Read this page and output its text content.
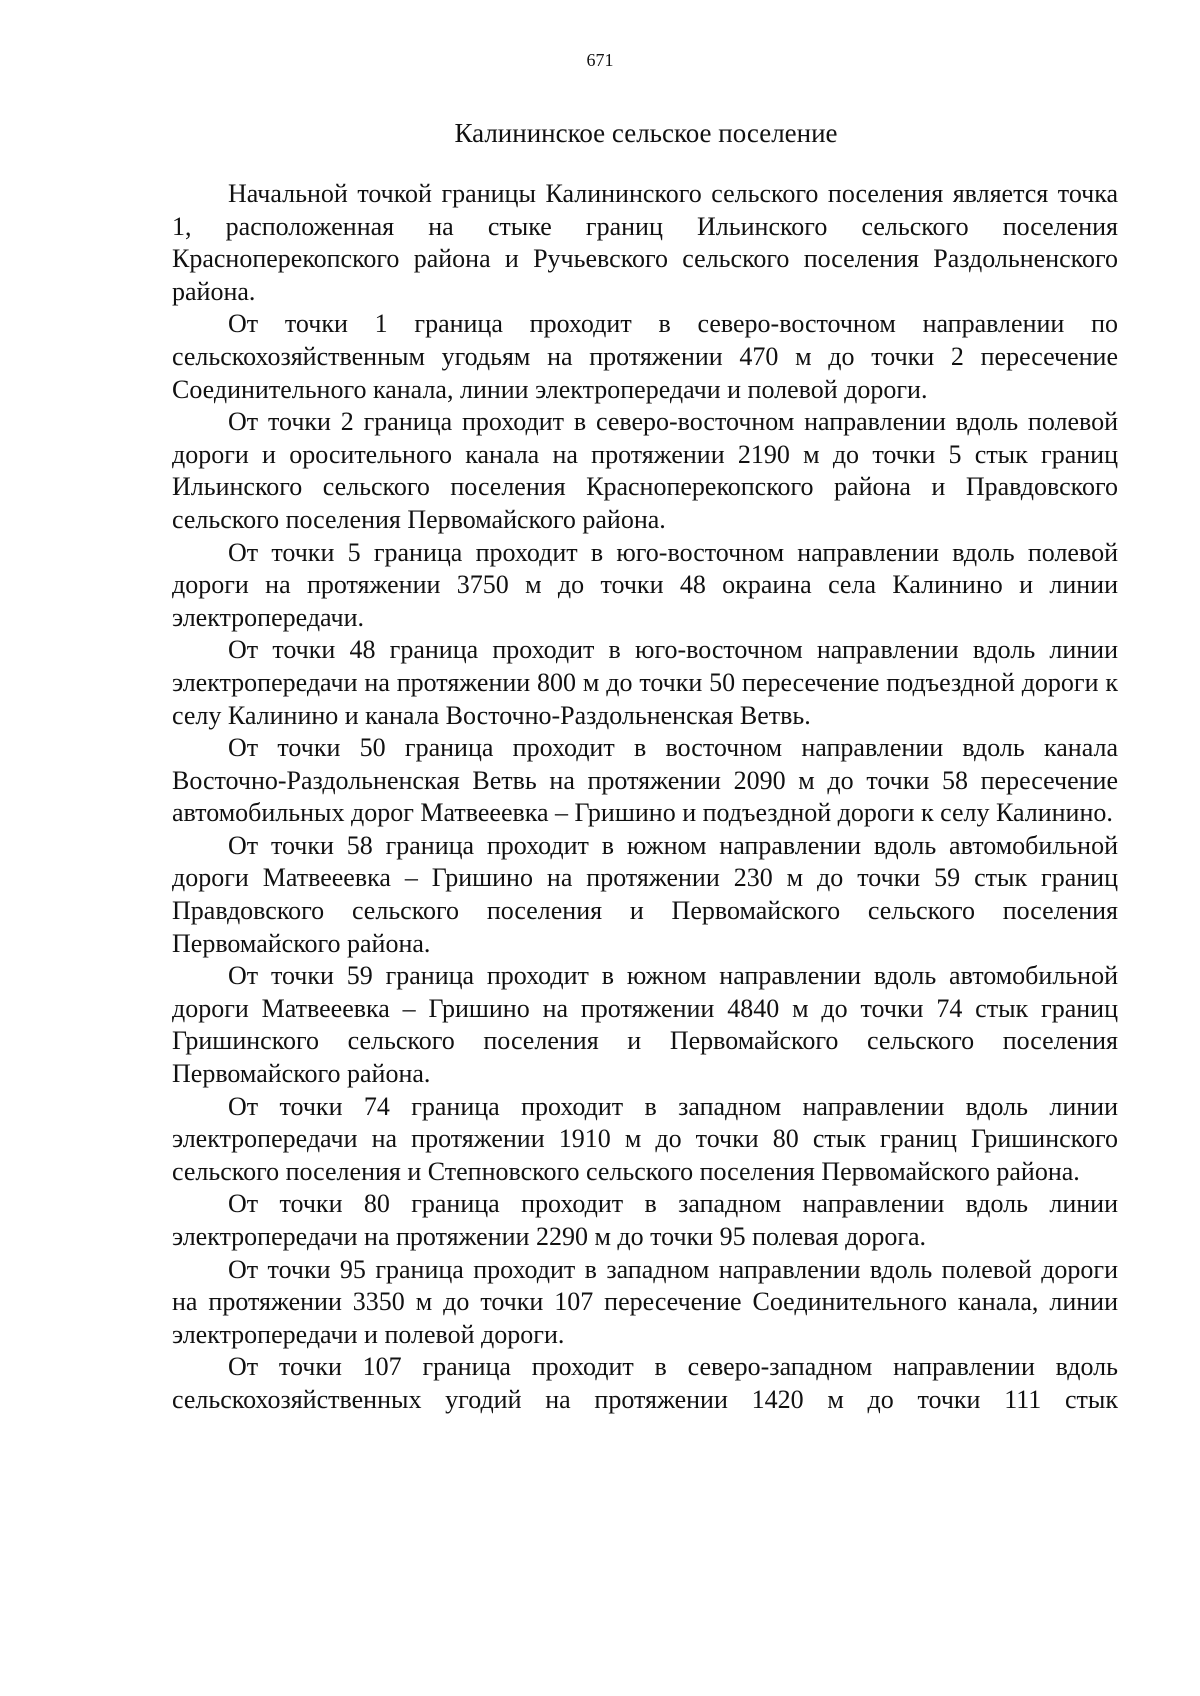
671
Калининское сельское поселение

Начальной точкой границы Калининского сельского поселения является точка 1, расположенная на стыке границ Ильинского сельского поселения Красноперекопского района и Ручьевского сельского поселения Раздольненского района.

От точки 1 граница проходит в северо-восточном направлении по сельскохозяйственным угодьям на протяжении 470 м до точки 2 пересечение Соединительного канала, линии электропередачи и полевой дороги.

От точки 2 граница проходит в северо-восточном направлении вдоль полевой дороги и оросительного канала на протяжении 2190 м до точки 5 стык границ Ильинского сельского поселения Красноперекопского района и Правдовского сельского поселения Первомайского района.

От точки 5 граница проходит в юго-восточном направлении вдоль полевой дороги на протяжении 3750 м до точки 48 окраина села Калинино и линии электропередачи.

От точки 48 граница проходит в юго-восточном направлении вдоль линии электропередачи на протяжении 800 м до точки 50 пересечение подъездной дороги к селу Калинино и канала Восточно-Раздольненская Ветвь.

От точки 50 граница проходит в восточном направлении вдоль канала Восточно-Раздольненская Ветвь на протяжении 2090 м до точки 58 пересечение автомобильных дорог Матвееевка – Гришино и подъездной дороги к селу Калинино.

От точки 58 граница проходит в южном направлении вдоль автомобильной дороги Матвееевка – Гришино на протяжении 230 м до точки 59 стык границ Правдовского сельского поселения и Первомайского сельского поселения Первомайского района.

От точки 59 граница проходит в южном направлении вдоль автомобильной дороги Матвееевка – Гришино на протяжении 4840 м до точки 74 стык границ Гришинского сельского поселения и Первомайского сельского поселения Первомайского района.

От точки 74 граница проходит в западном направлении вдоль линии электропередачи на протяжении 1910 м до точки 80 стык границ Гришинского сельского поселения и Степновского сельского поселения Первомайского района.

От точки 80 граница проходит в западном направлении вдоль линии электропередачи на протяжении 2290 м до точки 95 полевая дорога.

От точки 95 граница проходит в западном направлении вдоль полевой дороги на протяжении 3350 м до точки 107 пересечение Соединительного канала, линии электропередачи и полевой дороги.

От точки 107 граница проходит в северо-западном направлении вдоль сельскохозяйственных угодий на протяжении 1420 м до точки 111 стык
